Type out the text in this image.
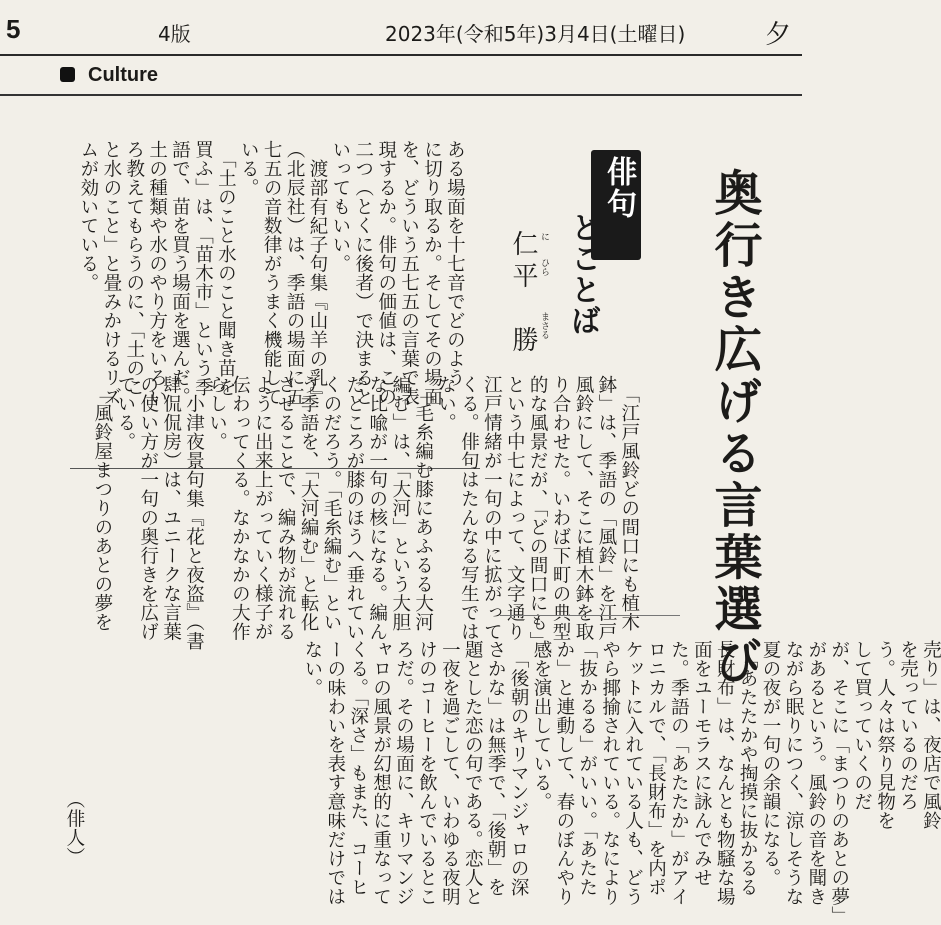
5	4版	2023年(令和5年)3月4日(土曜日)	夕
Culture
奥行き広げる言葉選び
俳句
とことば
仁平　勝 に
ひら
まさる
売り」は、夜店で風鈴
を売っているのだろ
う。人々は祭り見物を
して買っていくのだ
が、そこに「まつりのあとの夢」
があるという。風鈴の音を聞き
ながら眠りにつく、涼しそうな
夏の夜が一句の余韻になる。
　「あたたかや掏摸に抜かるる
長財布」は、なんとも物騒な場
面をユーモラスに詠んでみせ
た。季語の「あたたか」がアイ
ロニカルで、「長財布」を内ポ
ケットに入れている人も、どう
やら揶揄されている。なにより
「抜かるる」がいい。「あたた
か」と連動して、春のぼんやり
感を演出している。
　「後朝のキリマンジャロの深
さかな」は無季で、「後朝」を
題とした恋の句である。恋人と
一夜を過ごして、いわゆる夜明
けのコーヒーを飲んでいるとこ
ろだ。その場面に、キリマンジ
ャロの風景が幻想的に重なって
くる。「深さ」もまた、コーヒ
ーの味わいを表す意味だけでは
ない。
　「江戸風鈴どの間口にも植木
鉢」は、季語の「風鈴」を江戸
風鈴にして、そこに植木鉢を取
り合わせた。いわば下町の典型
的な風景だが、「どの間口にも」
という中七によって、文字通り
江戸情緒が一句の中に拡がって
くる。俳句はたんなる写生では
ない。
　「毛糸編む膝にあふるる大河
編む」は、「大河」という大胆
な比喩が一句の核になる。編ん
だところが膝のほうへ垂れてい
くのだろう。「毛糸編む」とい
う季語を、「大河編む」と転化
させることで、編み物が流れる
ように出来上がっていく様子が
伝わってくる。なかなかの大作
らしい。
　小津夜景句集『花と夜盗』（書
肆侃侃房）は、ユニークな言葉
の使い方が一句の奥行きを広げ
ている。
　「風鈴屋まつりのあとの夢を
ある場面を十七音でどのよう
に切り取るか。そしてその場面
を、どういう五七五の言葉で表
現するか。俳句の価値は、この
二つ（とくに後者）で決まると
いってもいい。
　渡部有紀子句集『山羊の乳』
（北辰社）は、季語の場面に五
七五の音数律がうまく機能して
いる。
　「土のこと水のこと聞き苗を
買ふ」は、「苗木市」という季
語で、苗を買う場面を選んだ。
土の種類や水のやり方をいろい
ろ教えてもらうのに、「土のこ
と水のこと」と畳みかけるリズ
ムが効いている。
（俳人）
